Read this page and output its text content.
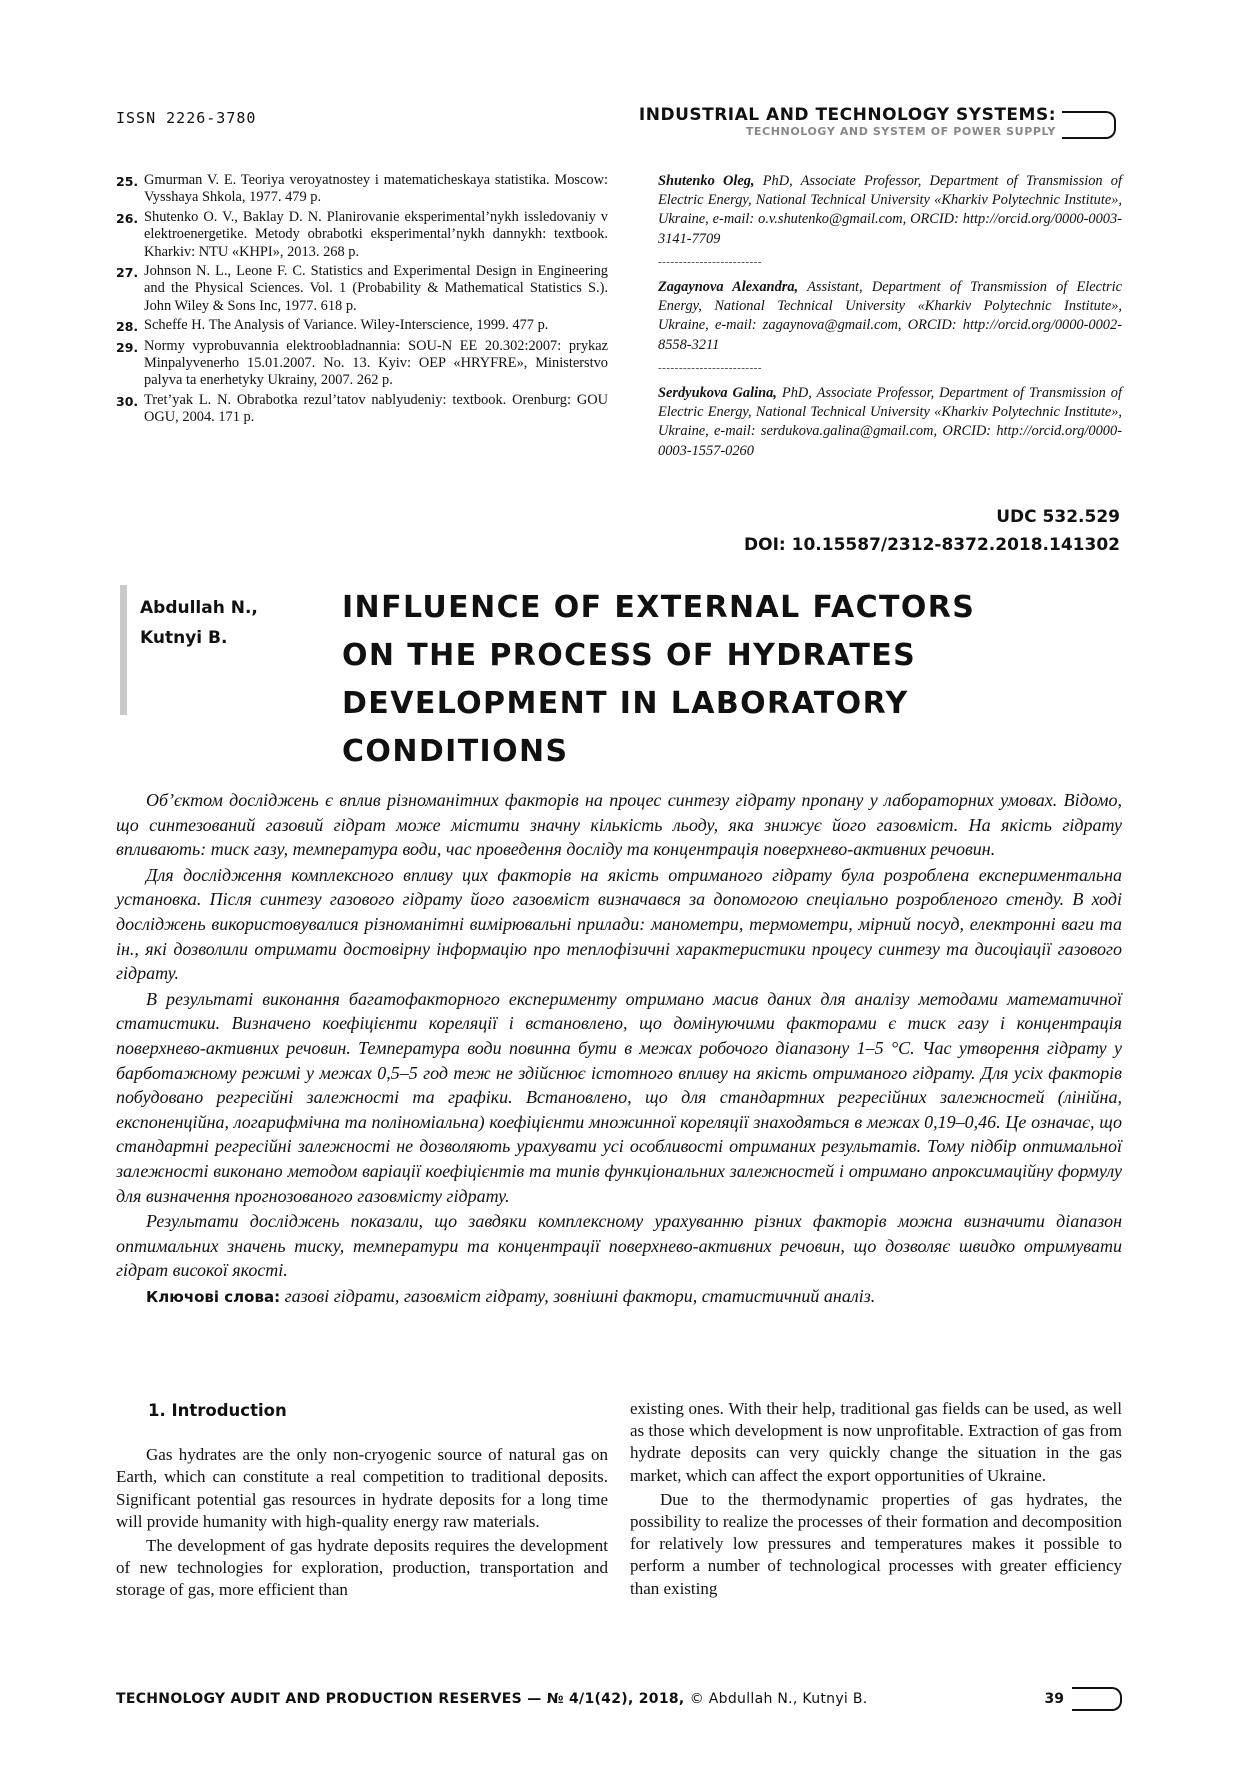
ISSN 2226-3780	INDUSTRIAL AND TECHNOLOGY SYSTEMS:
TECHNOLOGY AND SYSTEM OF POWER SUPPLY
25. Gmurman V. E. Teoriya veroyatnostey i matematicheskaya statistika. Moscow: Vysshaya Shkola, 1977. 479 p.
26. Shutenko O. V., Baklay D. N. Planirovanie eksperimental’nykh issledovaniy v elektroenergetike. Metody obrabotki eksperimental’nykh dannykh: textbook. Kharkiv: NTU «KHPI», 2013. 268 p.
27. Johnson N. L., Leone F. C. Statistics and Experimental Design in Engineering and the Physical Sciences. Vol. 1 (Probability & Mathematical Statistics S.). John Wiley & Sons Inc, 1977. 618 p.
28. Scheffe H. The Analysis of Variance. Wiley-Interscience, 1999. 477 p.
29. Normy vyprobuvannia elektroobladnannia: SOU-N EE 20.302:2007: prykaz Minpalyvenerho 15.01.2007. No. 13. Kyiv: OEP «HRYFRE», Ministerstvo palyva ta enerhetyky Ukrainy, 2007. 262 p.
30. Tret’yak L. N. Obrabotka rezul’tatov nablyudeniy: textbook. Orenburg: GOU OGU, 2004. 171 p.
Shutenko Oleg, PhD, Associate Professor, Department of Transmission of Electric Energy, National Technical University «Kharkiv Polytechnic Institute», Ukraine, e-mail: o.v.shutenko@gmail.com, ORCID: http://orcid.org/0000-0003-3141-7709
-------------------------
Zagaynova Alexandra, Assistant, Department of Transmission of Electric Energy, National Technical University «Kharkiv Polytechnic Institute», Ukraine, e-mail: zagaynova@gmail.com, ORCID: http://orcid.org/0000-0002-8558-3211
-------------------------
Serdyukova Galina, PhD, Associate Professor, Department of Transmission of Electric Energy, National Technical University «Kharkiv Polytechnic Institute», Ukraine, e-mail: serdukova.galina@gmail.com, ORCID: http://orcid.org/0000-0003-1557-0260
UDC 532.529
DOI: 10.15587/2312-8372.2018.141302
Abdullah N.,
Kutnyi B.
INFLUENCE OF EXTERNAL FACTORS
ON THE PROCESS OF HYDRATES
DEVELOPMENT IN LABORATORY
CONDITIONS

Об’єктом досліджень є вплив різноманітних факторів на процес синтезу гідрату пропану у лабораторних умовах. Відомо, що синтезований газовий гідрат може містити значну кількість льоду, яка знижує його газовміст. На якість гідрату впливають: тиск газу, температура води, час проведення досліду та концентрація поверхнево-активних речовин.

Для дослідження комплексного впливу цих факторів на якість отриманого гідрату була розроблена експериментальна установка. Після синтезу газового гідрату його газовміст визначався за допомогою спеціально розробленого стенду. В ході досліджень використовувалися різноманітні вимірювальні прилади: манометри, термометри, мірний посуд, електронні ваги та ін., які дозволили отримати достовірну інформацію про теплофізичні характеристики процесу синтезу та дисоціації газового гідрату.

В результаті виконання багатофакторного експерименту отримано масив даних для аналізу методами математичної статистики. Визначено коефіцієнти кореляції і встановлено, що домінуючими факторами є тиск газу і концентрація поверхнево-активних речовин. Температура води повинна бути в межах робочого діапазону 1–5 °C. Час утворення гідрату у барботажному режимі у межах 0,5–5 год теж не здійснює істотного впливу на якість отриманого гідрату. Для усіх факторів побудовано регресійні залежності та графіки. Встановлено, що для стандартних регресійних залежностей (лінійна, експоненційна, логарифмічна та поліноміальна) коефіцієнти множинної кореляції знаходяться в межах 0,19–0,46. Це означає, що стандартні регресійні залежності не дозволяють урахувати усі особливості отриманих результатів. Тому підбір оптимальної залежності виконано методом варіації коефіцієнтів та типів функціональних залежностей і отримано апроксимаційну формулу для визначення прогнозованого газовмісту гідрату.

Результати досліджень показали, що завдяки комплексному урахуванню різних факторів можна визначити діапазон оптимальних значень тиску, температури та концентрації поверхнево-активних речовин, що дозволяє швидко отримувати гідрат високої якості.

Ключові слова: газові гідрати, газовміст гідрату, зовнішні фактори, статистичний аналіз.

1. Introduction

Gas hydrates are the only non-cryogenic source of natural gas on Earth, which can constitute a real competition to traditional deposits. Significant potential gas resources in hydrate deposits for a long time will provide humanity with high-quality energy raw materials.

The development of gas hydrate deposits requires the development of new technologies for exploration, production, transportation and storage of gas, more efficient than

existing ones. With their help, traditional gas fields can be used, as well as those which development is now unprofitable. Extraction of gas from hydrate deposits can very quickly change the situation in the gas market, which can affect the export opportunities of Ukraine.

Due to the thermodynamic properties of gas hydrates, the possibility to realize the processes of their formation and decomposition for relatively low pressures and temperatures makes it possible to perform a number of technological processes with greater efficiency than existing

TECHNOLOGY AUDIT AND PRODUCTION RESERVES — № 4/1(42), 2018, © Abdullah N., Kutnyi B.	39
